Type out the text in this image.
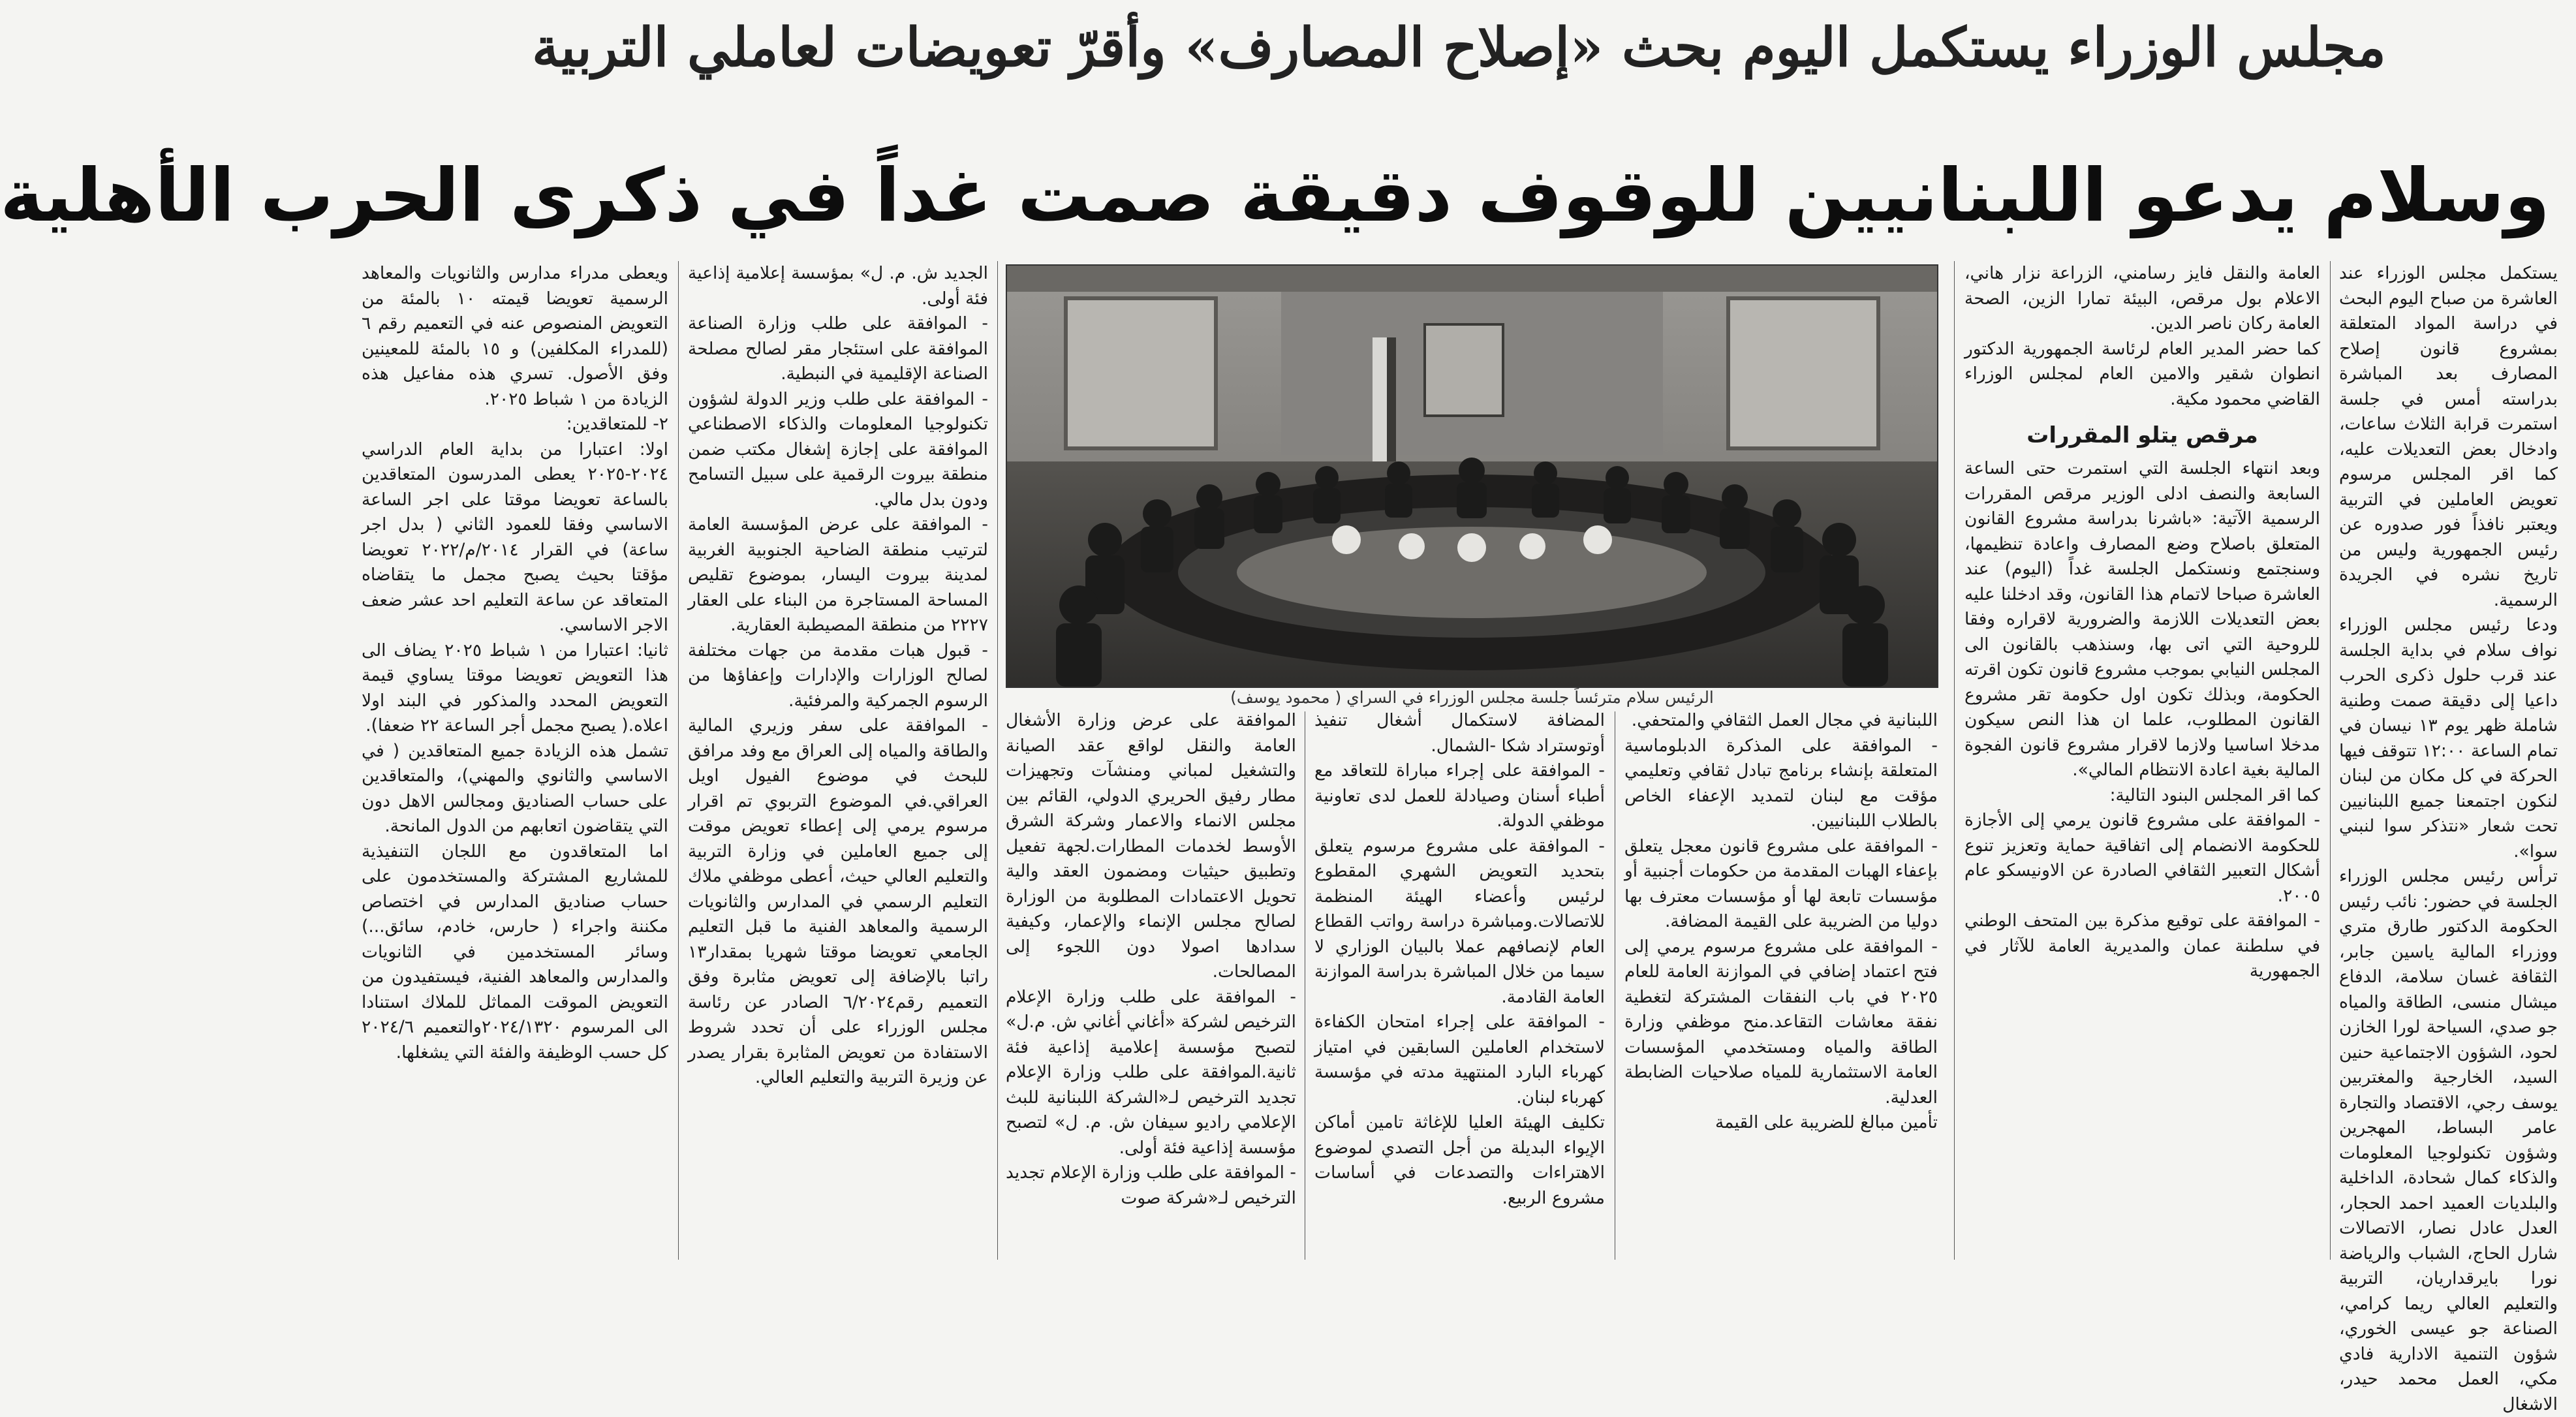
مجلس الوزراء يستكمل اليوم بحث «إصلاح المصارف» وأقرّ تعويضات لعاملي التربية
وسلام يدعو اللبنانيين للوقوف دقيقة صمت غداً في ذكرى الحرب الأهلية

يستكمل مجلس الوزراء عند العاشرة من صباح اليوم البحث في دراسة المواد المتعلقة بمشروع قانون إصلاح المصارف بعد المباشرة بدراسته أمس في جلسة استمرت قرابة الثلاث ساعات، وادخال بعض التعديلات عليه، كما اقر المجلس مرسوم تعويض العاملين في التربية ويعتبر نافذاً فور صدوره عن رئيس الجمهورية وليس من تاريخ نشره في الجريدة الرسمية.

ودعا رئيس مجلس الوزراء نواف سلام في بداية الجلسة عند قرب حلول ذكرى الحرب داعيا إلى دقيقة صمت وطنية شاملة ظهر يوم ١٣ نيسان في تمام الساعة ١٢:٠٠ تتوقف فيها الحركة في كل مكان من لبنان لنكون اجتمعنا جميع اللبنانيين تحت شعار «نتذكر سوا لنبني سوا».

ترأس رئيس مجلس الوزراء الجلسة في حضور: نائب رئيس الحكومة الدكتور طارق متري ووزراء المالية ياسين جابر، الثقافة غسان سلامة، الدفاع ميشال منسى، الطاقة والمياه جو صدي، السياحة لورا الخازن لحود، الشؤون الاجتماعية حنين السيد، الخارجية والمغتربين يوسف رجي، الاقتصاد والتجارة عامر البساط، المهجرين وشؤون تكنولوجيا المعلومات والذكاء كمال شحادة، الداخلية والبلديات العميد احمد الحجار، العدل عادل نصار، الاتصالات شارل الحاج، الشباب والرياضة نورا بايرقداريان، التربية والتعليم العالي ريما كرامي، الصناعة جو عيسى الخوري، شؤون التنمية الادارية فادي مكي، العمل محمد حيدر، الاشغال

العامة والنقل فايز رسامني، الزراعة نزار هاني، الاعلام بول مرقص، البيئة تمارا الزين، الصحة العامة ركان ناصر الدين.

كما حضر المدير العام لرئاسة الجمهورية الدكتور انطوان شقير والامين العام لمجلس الوزراء القاضي محمود مكية.

مرقص يتلو المقررات

وبعد انتهاء الجلسة التي استمرت حتى الساعة السابعة والنصف ادلى الوزير مرقص المقررات الرسمية الآتية: «باشرنا بدراسة مشروع القانون المتعلق باصلاح وضع المصارف واعادة تنظيمها، وسنجتمع ونستكمل الجلسة غداً (اليوم) عند العاشرة صباحا لاتمام هذا القانون، وقد ادخلنا عليه بعض التعديلات اللازمة والضرورية لاقراره وفقا للروحية التي اتى بها، وسنذهب بالقانون الى المجلس النيابي بموجب مشروع قانون تكون اقرته الحكومة، وبذلك تكون اول حكومة تقر مشروع القانون المطلوب، علما ان هذا النص سيكون مدخلا اساسيا ولازما لاقرار مشروع قانون الفجوة المالية بغية اعادة الانتظام المالي».

كما اقر المجلس البنود التالية:

- الموافقة على مشروع قانون يرمي إلى الأجازة للحكومة الانضمام إلى اتفاقية حماية وتعزيز تنوع أشكال التعبير الثقافي الصادرة عن الاونيسكو عام ٢٠٠٥.

- الموافقة على توقيع مذكرة بين المتحف الوطني في سلطنة عمان والمديرية العامة للآثار في الجمهورية

الرئيس سلام مترئساً جلسة مجلس الوزراء في السراي ( محمود يوسف)

اللبنانية في مجال العمل الثقافي والمتحفي.

- الموافقة على المذكرة الدبلوماسية المتعلقة بإنشاء برنامج تبادل ثقافي وتعليمي مؤقت مع لبنان لتمديد الإعفاء الخاص بالطلاب اللبنانيين.

- الموافقة على مشروع قانون معجل يتعلق بإعفاء الهبات المقدمة من حكومات أجنبية أو مؤسسات تابعة لها أو مؤسسات معترف بها دوليا من الضريبة على القيمة المضافة.

- الموافقة على مشروع مرسوم يرمي إلى فتح اعتماد إضافي في الموازنة العامة للعام ٢٠٢٥ في باب النفقات المشتركة لتغطية نفقة معاشات التقاعد.منح موظفي وزارة الطاقة والمياه ومستخدمي المؤسسات العامة الاستثمارية للمياه صلاحيات الضابطة العدلية.

تأمين مبالغ للضريبة على القيمة

المضافة لاستكمال أشغال تنفيذ أوتوستراد شكا -الشمال.

- الموافقة على إجراء مباراة للتعاقد مع أطباء أسنان وصيادلة للعمل لدى تعاونية موظفي الدولة.

- الموافقة على مشروع مرسوم يتعلق بتحديد التعويض الشهري المقطوع لرئيس وأعضاء الهيئة المنظمة للاتصالات.ومباشرة دراسة رواتب القطاع العام لإنصافهم عملا بالبيان الوزاري لا سيما من خلال المباشرة بدراسة الموازنة العامة القادمة.

- الموافقة على إجراء امتحان الكفاءة لاستخدام العاملين السابقين في امتياز كهرباء البارد المنتهية مدته في مؤسسة كهرباء لبنان.

تكليف الهيئة العليا للإغاثة تامين أماكن الإيواء البديلة من أجل التصدي لموضوع الاهتراءات والتصدعات في أساسات مشروع الربيع.

الموافقة على عرض وزارة الأشغال العامة والنقل لواقع عقد الصيانة والتشغيل لمباني ومنشآت وتجهيزات مطار رفيق الحريري الدولي، القائم بين مجلس الانماء والاعمار وشركة الشرق الأوسط لخدمات المطارات.لجهة تفعيل وتطبيق حيثيات ومضمون العقد والية تحويل الاعتمادات المطلوبة من الوزارة لصالح مجلس الإنماء والإعمار، وكيفية سدادها اصولا دون اللجوء إلى المصالحات.

- الموافقة على طلب وزارة الإعلام الترخيص لشركة «أغاني أغاني ش. م.ل» لتصبح مؤسسة إعلامية إذاعية فئة ثانية.الموافقة على طلب وزارة الإعلام تجديد الترخيص لـ«الشركة اللبنانية للبث الإعلامي راديو سيفان ش. م. ل» لتصبح مؤسسة إذاعية فئة أولى.

- الموافقة على طلب وزارة الإعلام تجديد الترخيص لـ«شركة صوت

الجديد ش. م. ل» بمؤسسة إعلامية إذاعية فئة أولى.

- الموافقة على طلب وزارة الصناعة الموافقة على استئجار مقر لصالح مصلحة الصناعة الإقليمية في النبطية.

- الموافقة على طلب وزير الدولة لشؤون تكنولوجيا المعلومات والذكاء الاصطناعي الموافقة على إجازة إشغال مكتب ضمن منطقة بيروت الرقمية على سبيل التسامح ودون بدل مالي.

- الموافقة على عرض المؤسسة العامة لترتيب منطقة الضاحية الجنوبية الغربية لمدينة بيروت اليسار، بموضوع تقليص المساحة المستاجرة من البناء على العقار ٢٢٢٧ من منطقة المصيطبة العقارية.

- قبول هبات مقدمة من جهات مختلفة لصالح الوزارات والإدارات وإعفاؤها من الرسوم الجمركية والمرفئية.

- الموافقة على سفر وزيري المالية والطاقة والمياه إلى العراق مع وفد مرافق للبحث في موضوع الفيول اويل العراقي.في الموضوع التربوي تم اقرار مرسوم يرمي إلى إعطاء تعويض موقت إلى جميع العاملين في وزارة التربية والتعليم العالي حيث، أعطى موظفي ملاك التعليم الرسمي في المدارس والثانويات الرسمية والمعاهد الفنية ما قبل التعليم الجامعي تعويضا موقتا شهريا بمقدار١٣ راتبا بالإضافة إلى تعويض مثابرة وفق التعميم رقم٦/٢٠٢٤ الصادر عن رئاسة مجلس الوزراء على أن تحدد شروط الاستفادة من تعويض المثابرة بقرار يصدر عن وزيرة التربية والتعليم العالي.

ويعطى مدراء مدارس والثانويات والمعاهد الرسمية تعويضا قيمته ١٠ بالمئة من التعويض المنصوص عنه في التعميم رقم ٦ (للمدراء المكلفين) و ١٥ بالمئة للمعينين وفق الأصول. تسري هذه مفاعيل هذه الزيادة من ١ شباط ٢٠٢٥.

٢- للمتعاقدين:

اولا: اعتبارا من بداية العام الدراسي ٢٠٢٤-٢٠٢٥ يعطى المدرسون المتعاقدين بالساعة تعويضا موقتا على اجر الساعة الاساسي وفقا للعمود الثاني ( بدل اجر ساعة) في القرار ٢٠١٤/م/٢٠٢٢ تعويضا مؤقتا بحيث يصبح مجمل ما يتقاضاه المتعاقد عن ساعة التعليم احد عشر ضعف الاجر الاساسي.

ثانيا: اعتبارا من ١ شباط ٢٠٢٥ يضاف الى هذا التعويض تعويضا موقتا يساوي قيمة التعويض المحدد والمذكور في البند اولا اعلاه.( يصبح مجمل أجر الساعة ٢٢ ضعفا).

تشمل هذه الزيادة جميع المتعاقدين ( في الاساسي والثانوي والمهني)، والمتعاقدين على حساب الصناديق ومجالس الاهل دون التي يتقاضون اتعابهم من الدول المانحة.

اما المتعاقدون مع اللجان التنفيذية للمشاريع المشتركة والمستخدمون على حساب صناديق المدارس في اختصاص مكننة واجراء ( حارس، خادم، سائق...) وسائر المستخدمين في الثانويات والمدارس والمعاهد الفنية، فيستفيدون من التعويض الموقت المماثل للملاك استنادا الى المرسوم ٢٠٢٤/١٣٢٠والتعميم ٢٠٢٤/٦ كل حسب الوظيفة والفئة التي يشغلها.
